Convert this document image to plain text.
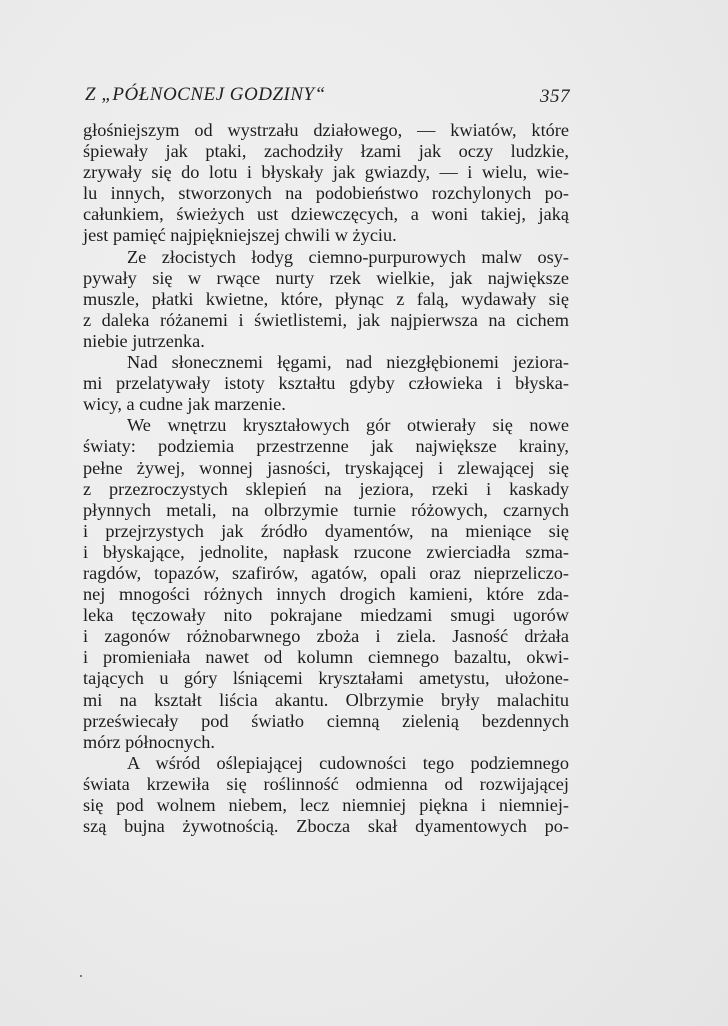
Z „PÓŁNOCNEJ GODZINY“	357
głośniejszym od wystrzału działowego, — kwiatów, które
śpiewały jak ptaki, zachodziły łzami jak oczy ludzkie,
zrywały się do lotu i błyskały jak gwiazdy, — i wielu, wie-
lu innych, stworzonych na podobieństwo rozchylonych po-
całunkiem, świeżych ust dziewczęcych, a woni takiej, jaką
jest pamięć najpiękniejszej chwili w życiu.
Ze złocistych łodyg ciemno-purpurowych malw osy-
pywały się w rwące nurty rzek wielkie, jak największe
muszle, płatki kwietne, które, płynąc z falą, wydawały się
z daleka różanemi i świetlistemi, jak najpierwsza na cichem
niebie jutrzenka.
Nad słonecznemi łęgami, nad niezgłębionemi jeziora-
mi przelatywały istoty kształtu gdyby człowieka i błyska-
wicy, a cudne jak marzenie.
We wnętrzu kryształowych gór otwierały się nowe
światy: podziemia przestrzenne jak największe krainy,
pełne żywej, wonnej jasności, tryskającej i zlewającej się
z przezroczystych sklepień na jeziora, rzeki i kaskady
płynnych metali, na olbrzymie turnie różowych, czarnych
i przejrzystych jak źródło dyamentów, na mieniące się
i błyskające, jednolite, napłask rzucone zwierciadła szma-
ragdów, topazów, szafirów, agatów, opali oraz nieprzeliczo-
nej mnogości różnych innych drogich kamieni, które zda-
leka tęczowały nito pokrajane miedzami smugi ugorów
i zagonów różnobarwnego zboża i ziela. Jasność drżała
i promieniała nawet od kolumn ciemnego bazaltu, okwi-
tających u góry lśniącemi kryształami ametystu, ułożone-
mi na kształt liścia akantu. Olbrzymie bryły malachitu
przeświecały pod światło ciemną zielenią bezdennych
mórz północnych.
A wśród oślepiającej cudowności tego podziemnego
świata krzewiła się roślinność odmienna od rozwijającej
się pod wolnem niebem, lecz niemniej piękna i niemniej-
szą bujna żywotnością. Zbocza skał dyamentowych po-
